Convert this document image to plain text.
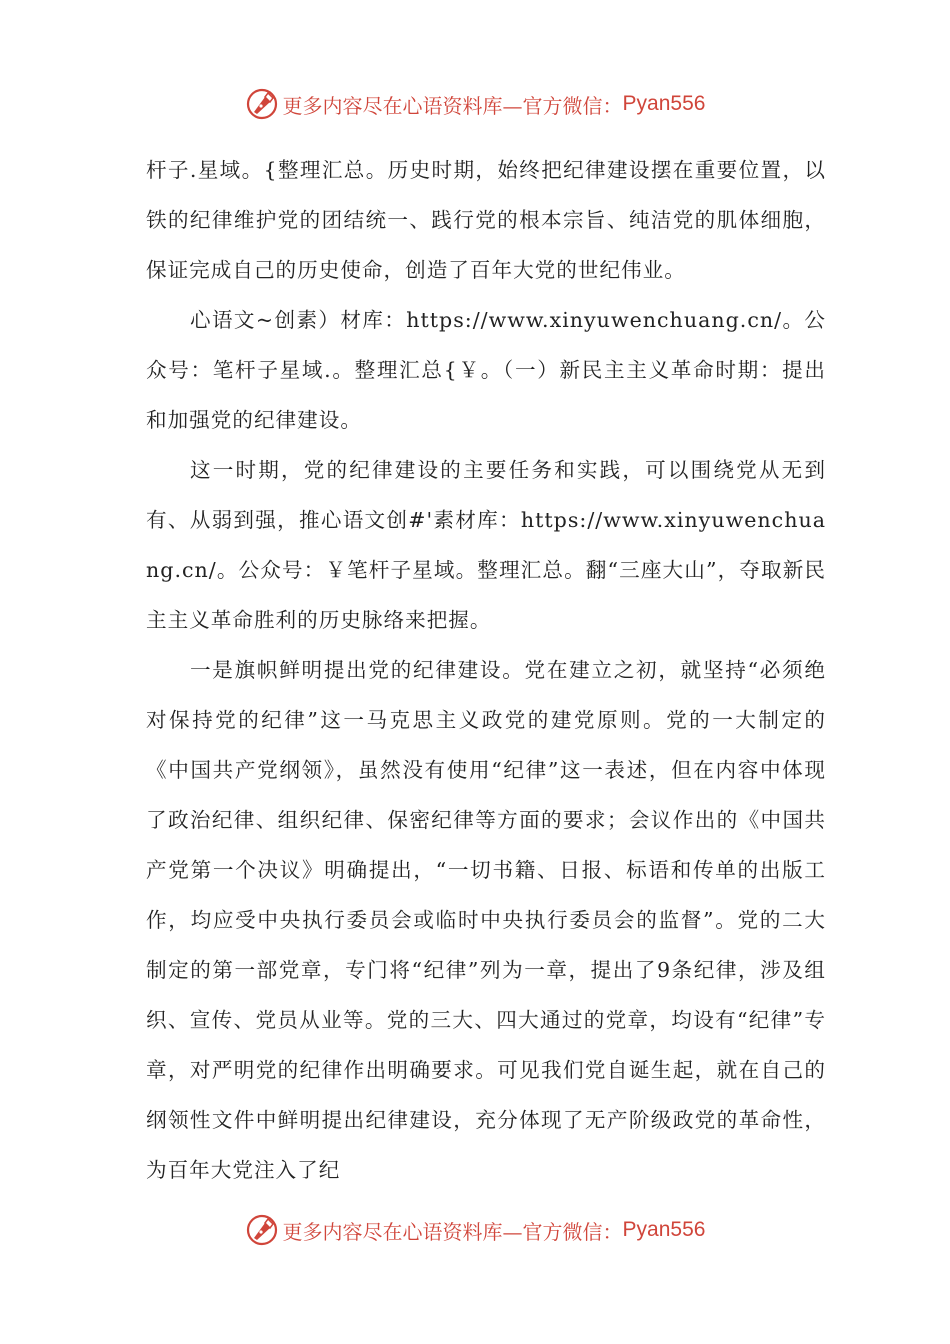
更多内容尽在心语资料库—官方微信： Pyan556

杆子.星域。{整理汇总。历史时期，始终把纪律建设摆在重要位置，以铁的纪律维护党的团结统一、践行党的根本宗旨、纯洁党的肌体细胞，保证完成自己的历史使命，创造了百年大党的世纪伟业。

心语文~创素）材库：https://www.xinyuwenchuang.cn/。公众号：笔杆子星域.。整理汇总{￥。（一）新民主主义革命时期：提出和加强党的纪律建设。

这一时期，党的纪律建设的主要任务和实践，可以围绕党从无到有、从弱到强，推心语文创#'素材库：https://www.xinyuwenchuang.cn/。公众号：￥笔杆子星域。整理汇总。翻“三座大山”，夺取新民主主义革命胜利的历史脉络来把握。

一是旗帜鲜明提出党的纪律建设。党在建立之初，就坚持“必须绝对保持党的纪律”这一马克思主义政党的建党原则。党的一大制定的《中国共产党纲领》，虽然没有使用“纪律”这一表述，但在内容中体现了政治纪律、组织纪律、保密纪律等方面的要求；会议作出的《中国共产党第一个决议》明确提出，“一切书籍、日报、标语和传单的出版工作，均应受中央执行委员会或临时中央执行委员会的监督”。党的二大制定的第一部党章，专门将“纪律”列为一章，提出了9条纪律，涉及组织、宣传、党员从业等。党的三大、四大通过的党章，均设有“纪律”专章，对严明党的纪律作出明确要求。可见我们党自诞生起，就在自己的纲领性文件中鲜明提出纪律建设，充分体现了无产阶级政党的革命性，为百年大党注入了纪

更多内容尽在心语资料库—官方微信： Pyan556
